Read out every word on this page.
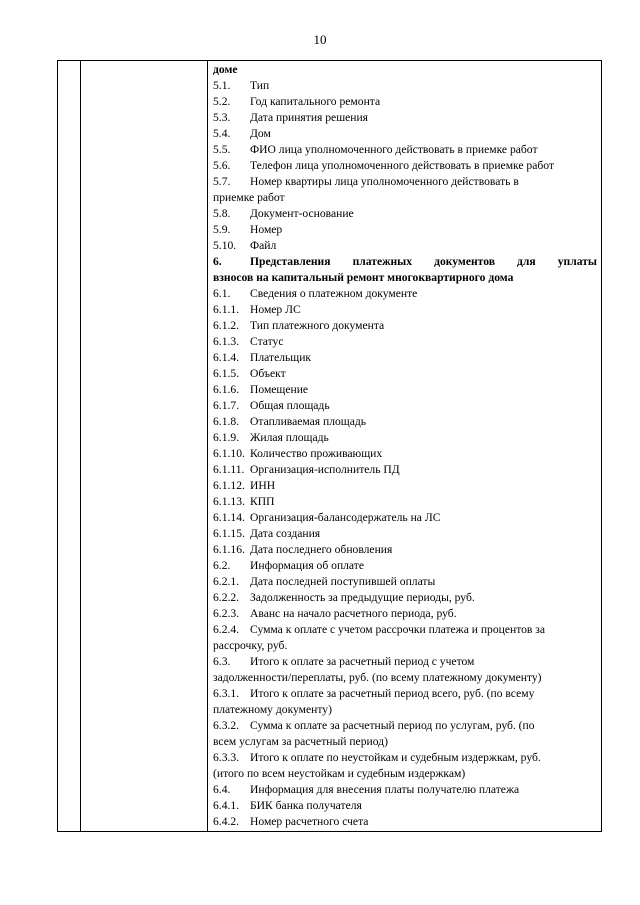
10
доме
5.1. Тип
5.2. Год капитального ремонта
5.3. Дата принятия решения
5.4. Дом
5.5. ФИО лица уполномоченного действовать в приемке работ
5.6. Телефон лица уполномоченного действовать в приемке работ
5.7. Номер квартиры лица уполномоченного действовать в
приемке работ
5.8. Документ-основание
5.9. Номер
5.10. Файл
6. Представления платежных документов для уплаты
взносов на капитальный ремонт многоквартирного дома
6.1. Сведения о платежном документе
6.1.1. Номер ЛС
6.1.2. Тип платежного документа
6.1.3. Статус
6.1.4. Плательщик
6.1.5. Объект
6.1.6. Помещение
6.1.7. Общая площадь
6.1.8. Отапливаемая площадь
6.1.9. Жилая площадь
6.1.10. Количество проживающих
6.1.11. Организация-исполнитель ПД
6.1.12. ИНН
6.1.13. КПП
6.1.14. Организация-балансодержатель на ЛС
6.1.15. Дата создания
6.1.16. Дата последнего обновления
6.2. Информация об оплате
6.2.1. Дата последней поступившей оплаты
6.2.2. Задолженность за предыдущие периоды, руб.
6.2.3. Аванс на начало расчетного периода, руб.
6.2.4. Сумма к оплате с учетом рассрочки платежа и процентов за
рассрочку, руб.
6.3. Итого к оплате за расчетный период с учетом
задолженности/переплаты, руб. (по всему платежному документу)
6.3.1. Итого к оплате за расчетный период всего, руб. (по всему
платежному документу)
6.3.2. Сумма к оплате за расчетный период по услугам, руб. (по
всем услугам за расчетный период)
6.3.3. Итого к оплате по неустойкам и судебным издержкам, руб.
(итого по всем неустойкам и судебным издержкам)
6.4. Информация для внесения платы получателю платежа
6.4.1. БИК банка получателя
6.4.2. Номер расчетного счета
